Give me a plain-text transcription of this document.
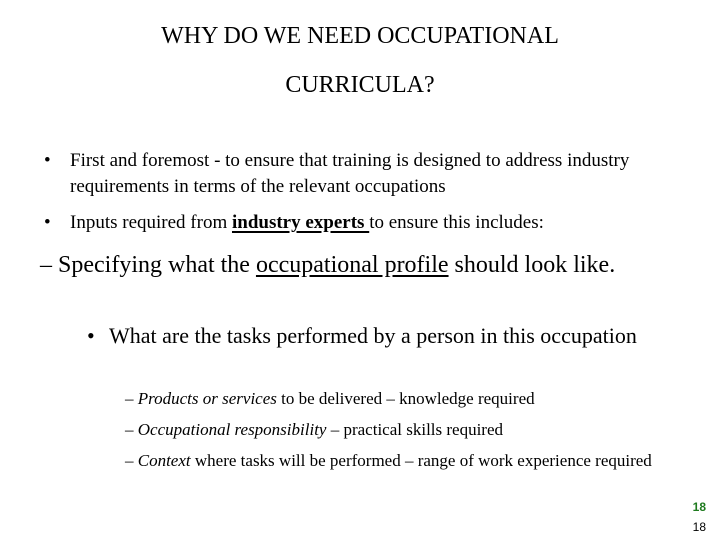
WHY DO WE NEED OCCUPATIONAL
CURRICULA?
• First and foremost - to ensure that training is designed to address industry requirements in terms of the relevant occupations
• Inputs required from industry experts to ensure this includes:
– Specifying what the occupational profile should look like.
• What are the tasks performed by a person in this occupation
– Products or services to be delivered – knowledge required
– Occupational responsibility – practical skills required
– Context where tasks will be performed – range of work experience required
18
18
